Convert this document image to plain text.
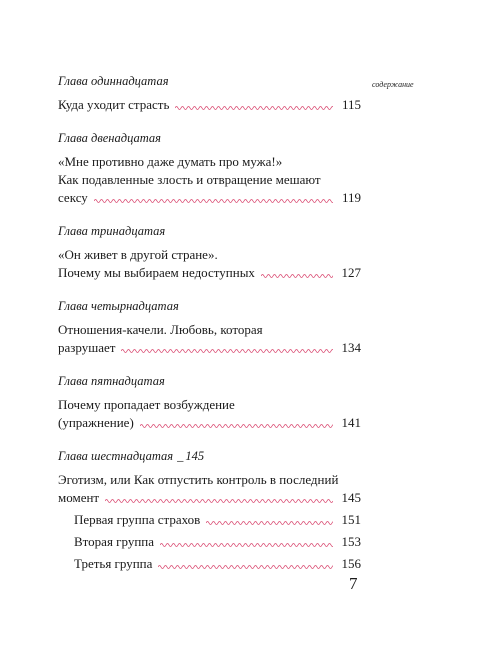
содержание
Глава одиннадцатая
Куда уходит страсть	115
Глава двенадцатая
«Мне противно даже думать про мужа!»
Как подавленные злость и отвращение мешают
сексу	119
Глава тринадцатая
«Он живет в другой стране».
Почему мы выбираем недоступных	127
Глава четырнадцатая
Отношения-качели. Любовь, которая
разрушает	134
Глава пятнадцатая
Почему пропадает возбуждение
(упражнение)	141
Глава шестнадцатая _ 145
Эготизм, или Как отпустить контроль в последний
момент	145
Первая группа страхов	151
Вторая группа	153
Третья группа	156
7
